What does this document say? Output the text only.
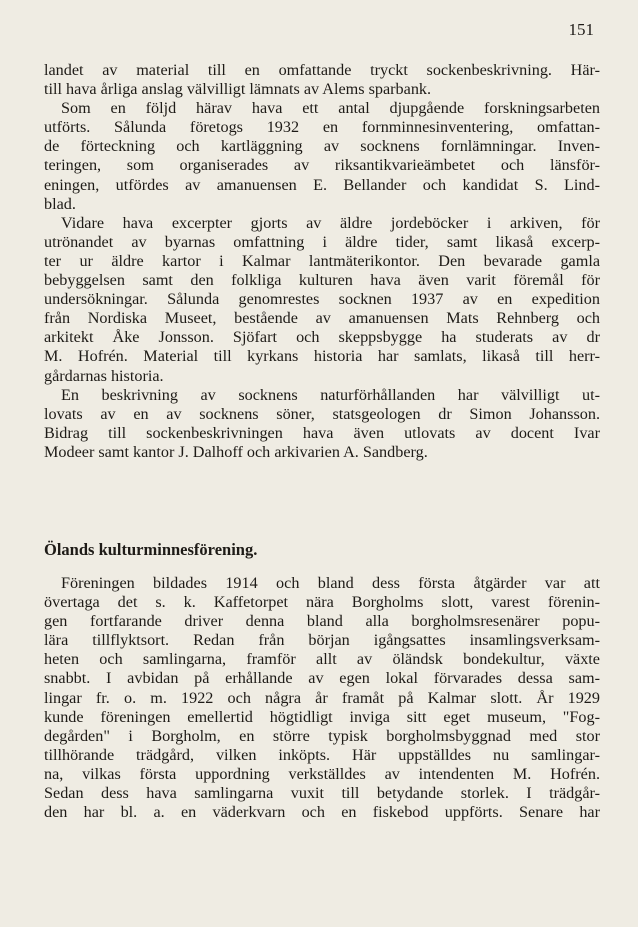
151
landet av material till en omfattande tryckt sockenbeskrivning. Här-
till hava årliga anslag välvilligt lämnats av Alems sparbank.
Som en följd härav hava ett antal djupgående forskningsarbeten
utförts. Sålunda företogs 1932 en fornminnesinventering, omfattan-
de förteckning och kartläggning av socknens fornlämningar. Inven-
teringen, som organiserades av riksantikvarieämbetet och länsför-
eningen, utfördes av amanuensen E. Bellander och kandidat S. Lind-
blad.
Vidare hava excerpter gjorts av äldre jordeböcker i arkiven, för
utrönandet av byarnas omfattning i äldre tider, samt likaså excerp-
ter ur äldre kartor i Kalmar lantmäterikontor. Den bevarade gamla
bebyggelsen samt den folkliga kulturen hava även varit föremål för
undersökningar. Sålunda genomrestes socknen 1937 av en expedition
från Nordiska Museet, bestående av amanuensen Mats Rehnberg och
arkitekt Åke Jonsson. Sjöfart och skeppsbygge ha studerats av dr
M. Hofrén. Material till kyrkans historia har samlats, likaså till herr-
gårdarnas historia.
En beskrivning av socknens naturförhållanden har välvilligt ut-
lovats av en av socknens söner, statsgeologen dr Simon Johansson.
Bidrag till sockenbeskrivningen hava även utlovats av docent Ivar
Modeer samt kantor J. Dalhoff och arkivarien A. Sandberg.
Ölands kulturminnesförening.
Föreningen bildades 1914 och bland dess första åtgärder var att
övertaga det s. k. Kaffetorpet nära Borgholms slott, varest förenin-
gen fortfarande driver denna bland alla borgholmsresenärer popu-
lära tillflyktsort. Redan från början igångsattes insamlingsverksam-
heten och samlingarna, framför allt av öländsk bondekultur, växte
snabbt. I avbidan på erhållande av egen lokal förvarades dessa sam-
lingar fr. o. m. 1922 och några år framåt på Kalmar slott. År 1929
kunde föreningen emellertid högtidligt inviga sitt eget museum, "Fog-
degården" i Borgholm, en större typisk borgholmsbyggnad med stor
tillhörande trädgård, vilken inköpts. Här uppställdes nu samlingar-
na, vilkas första uppordning verkställdes av intendenten M. Hofrén.
Sedan dess hava samlingarna vuxit till betydande storlek. I trädgår-
den har bl. a. en väderkvarn och en fiskebod uppförts. Senare har
